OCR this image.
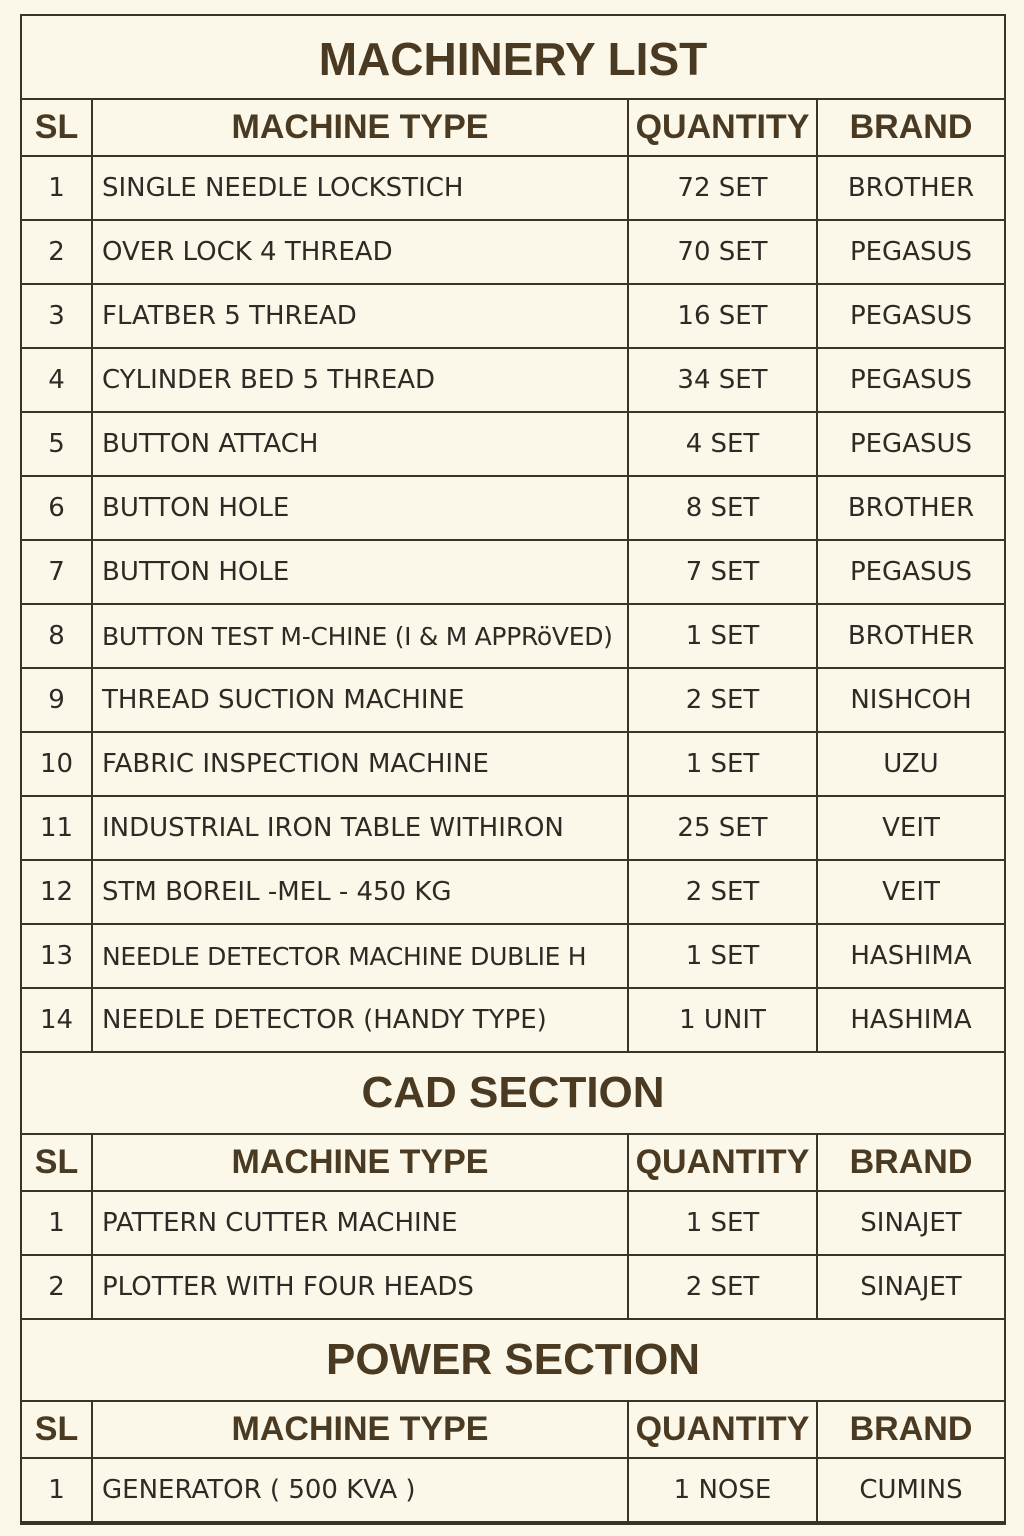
MACHINERY LIST
SL	MACHINE TYPE	QUANTITY	BRAND
1	SINGLE NEEDLE LOCKSTICH	72 SET	BROTHER
2	OVER LOCK 4 THREAD	70 SET	PEGASUS
3	FLATBER 5 THREAD	16 SET	PEGASUS
4	CYLINDER BED 5 THREAD	34 SET	PEGASUS
5	BUTTON ATTACH	4 SET	PEGASUS
6	BUTTON HOLE	8 SET	BROTHER
7	BUTTON HOLE	7 SET	PEGASUS
8	BUTTON TEST M-CHINE (I & M APPRöVED)	1 SET	BROTHER
9	THREAD SUCTION MACHINE	2 SET	NISHCOH
10	FABRIC INSPECTION MACHINE	1 SET	UZU
11	INDUSTRIAL IRON TABLE WITHIRON	25 SET	VEIT
12	STM BOREIL -MEL - 450 KG	2 SET	VEIT
13	NEEDLE DETECTOR MACHINE DUBLIE H	1 SET	HASHIMA
14	NEEDLE DETECTOR (HANDY TYPE)	1 UNIT	HASHIMA
CAD SECTION
SL	MACHINE TYPE	QUANTITY	BRAND
1	PATTERN CUTTER MACHINE	1 SET	SINAJET
2	PLOTTER WITH FOUR HEADS	2 SET	SINAJET
POWER SECTION
SL	MACHINE TYPE	QUANTITY	BRAND
1	GENERATOR ( 500 KVA )	1 NOSE	CUMINS
